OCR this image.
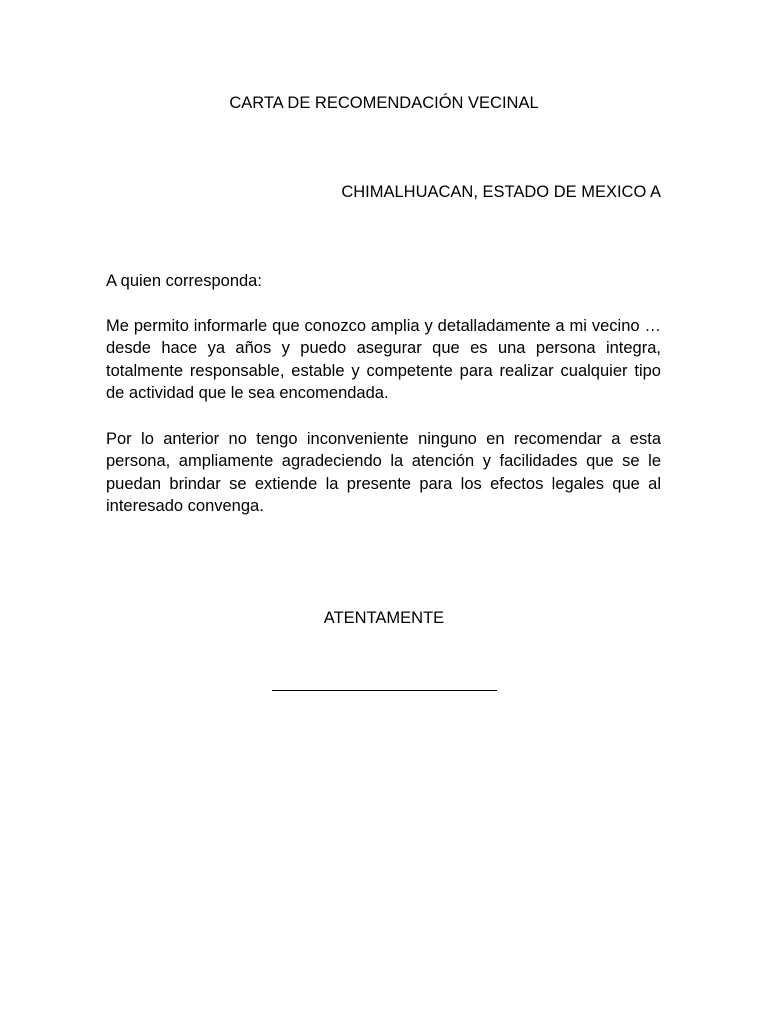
CARTA DE RECOMENDACIÓN VECINAL

CHIMALHUACAN, ESTADO DE MEXICO A

A quien corresponda:

Me permito informarle que conozco amplia y detalladamente a mi vecino … desde hace ya años y puedo asegurar que es una persona integra, totalmente responsable, estable y competente para realizar cualquier tipo de actividad que le sea encomendada.

Por lo anterior no tengo inconveniente ninguno en recomendar a esta persona, ampliamente agradeciendo la atención y facilidades que se le puedan brindar se extiende la presente para los efectos legales que al interesado convenga.

ATENTAMENTE
